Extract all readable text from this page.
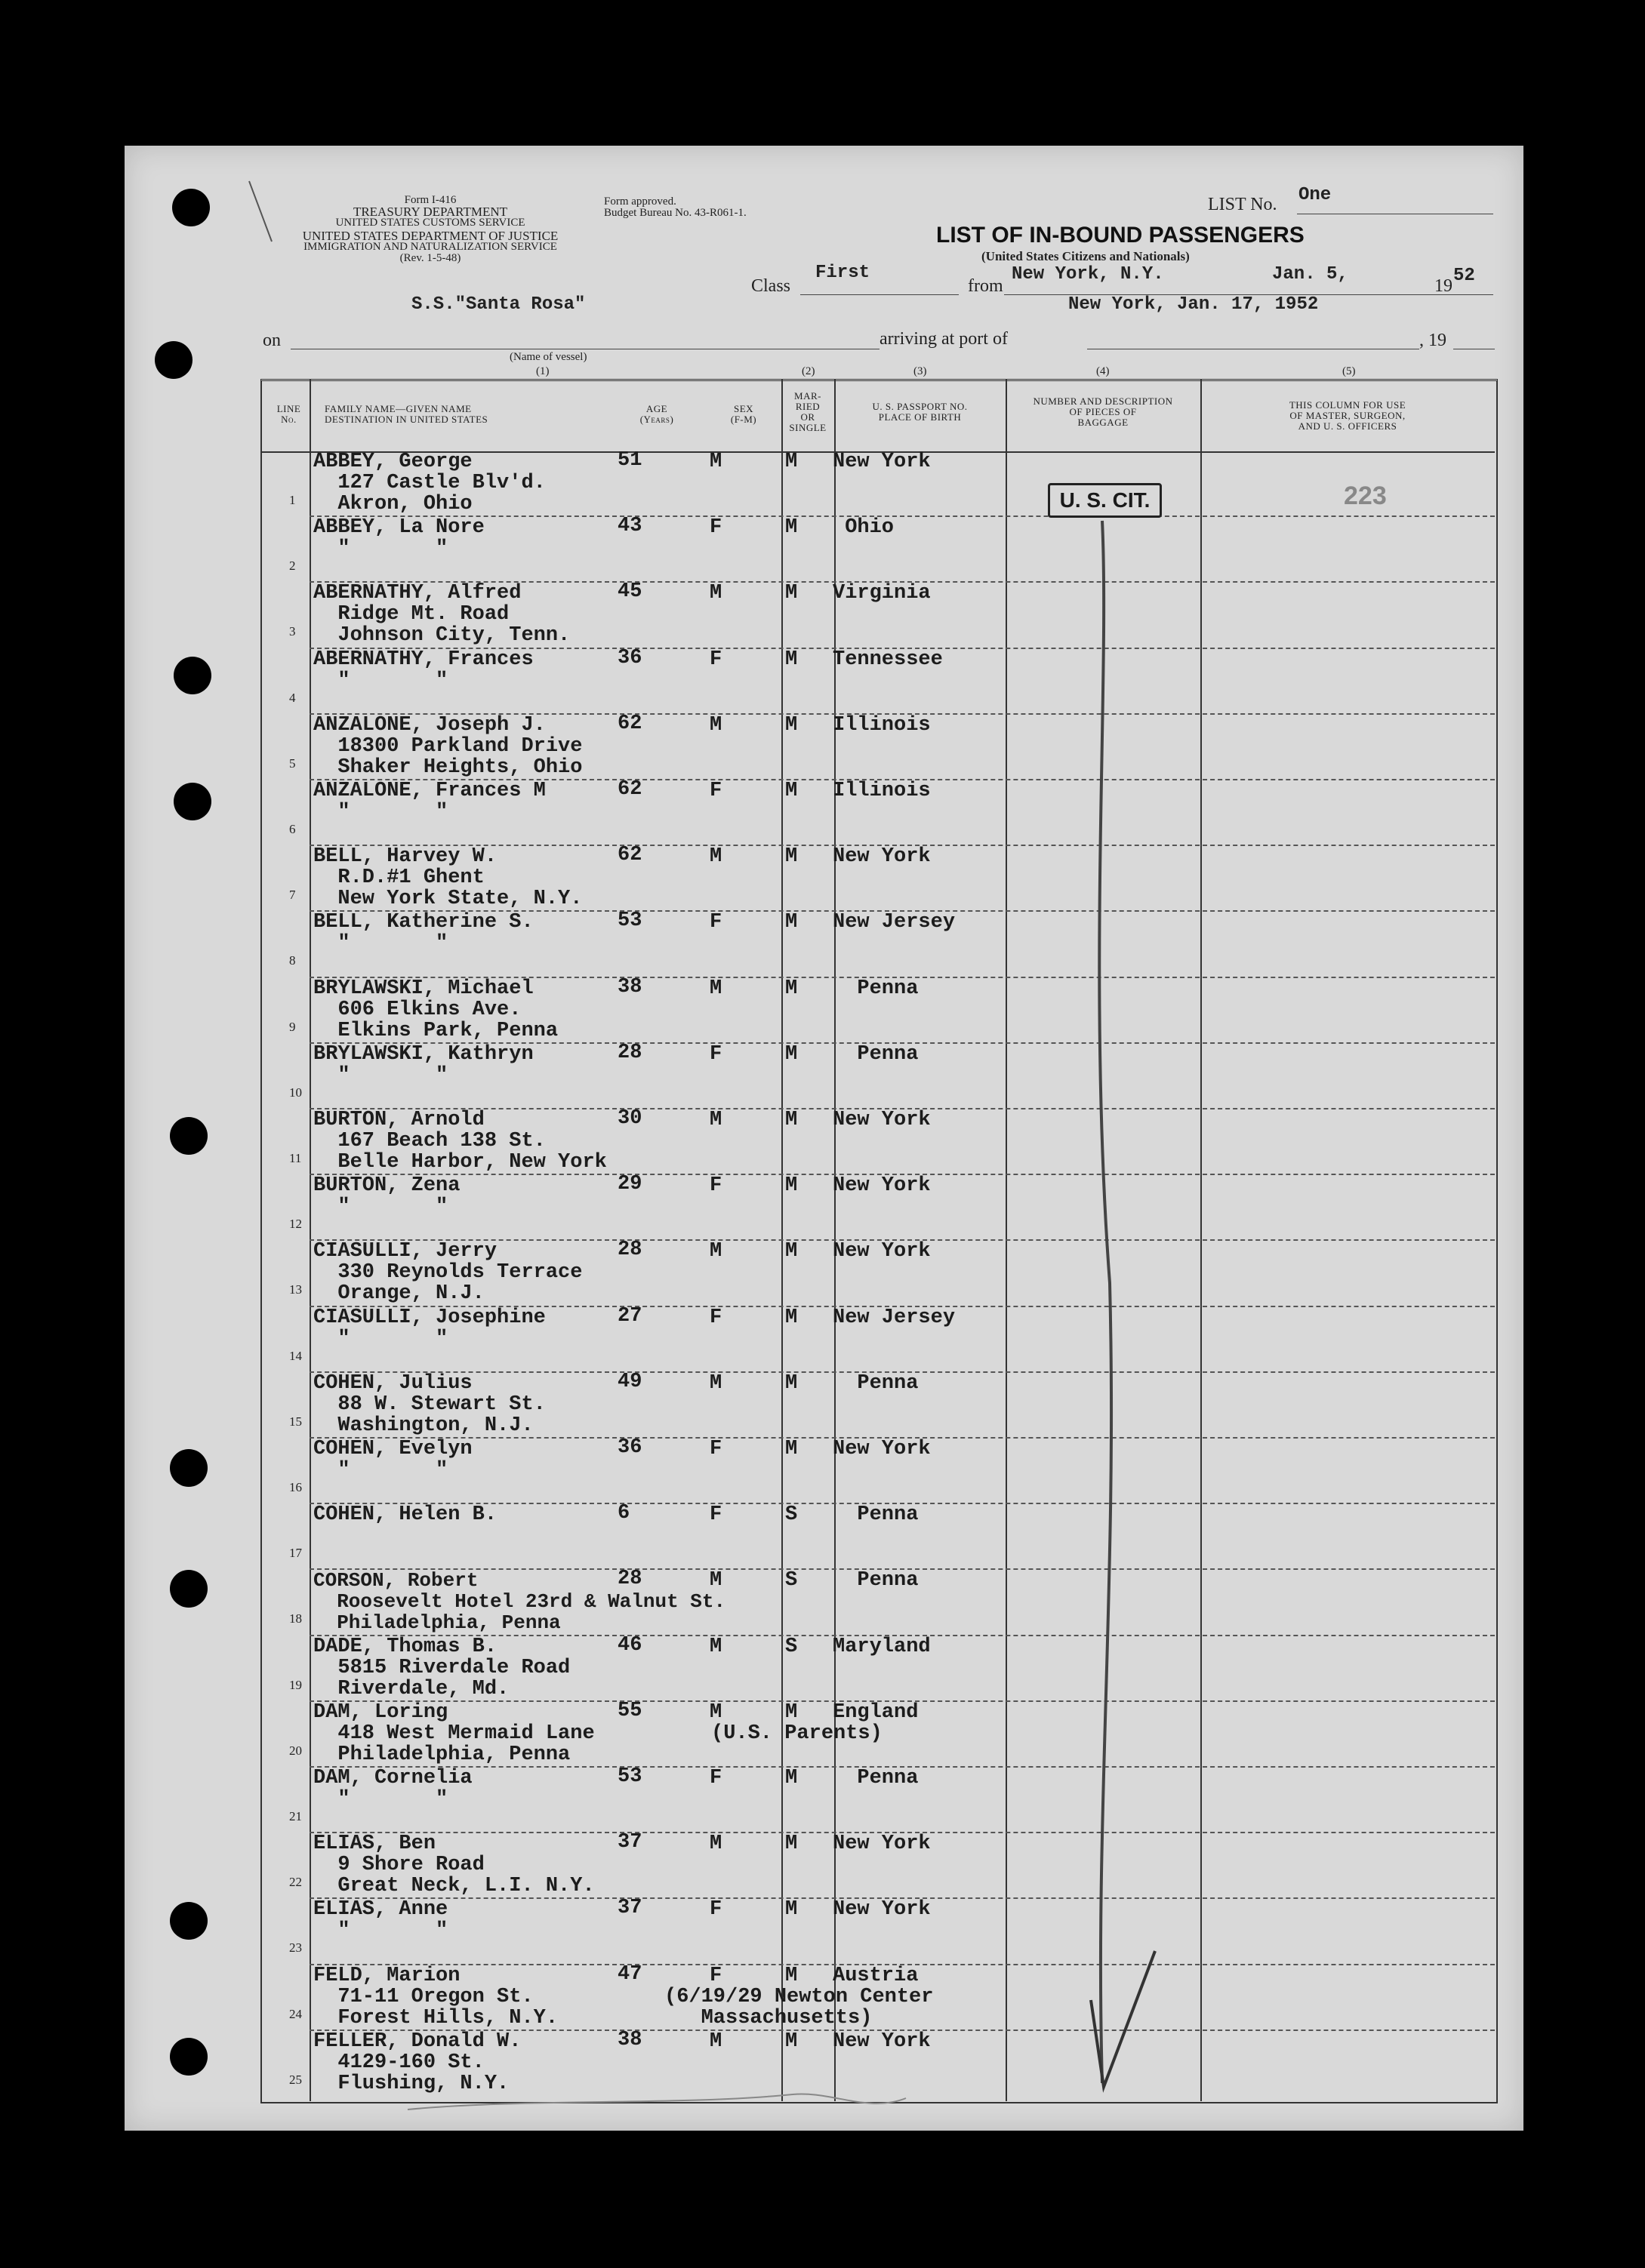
Form I-416
TREASURY DEPARTMENT
UNITED STATES CUSTOMS SERVICE
UNITED STATES DEPARTMENT OF JUSTICE
IMMIGRATION AND NATURALIZATION SERVICE
(Rev. 1-5-48)
Form approved.
Budget Bureau No. 43-R061-1.	LIST No. One
LIST OF IN-BOUND PASSENGERS
(United States Citizens and Nationals)
Class
First
from
New York, N.Y.	Jan. 5,
19 52
S.S."Santa Rosa"
on
(Name of vessel)
arriving at port of
New York, Jan. 17, 1952
, 19
(1)	(2)	(3)	(4)	(5)
LINE No.
FAMILY NAME—GIVEN NAME
DESTINATION IN UNITED STATES
AGE
(Years)
SEX
(F-M)
MAR-
RIED
OR
SINGLE
U. S. PASSPORT NO.
PLACE OF BIRTH
NUMBER AND DESCRIPTION
OF PIECES OF
BAGGAGE
THIS COLUMN FOR USE
OF MASTER, SURGEON,
AND U. S. OFFICERS
1
ABBEY, George
127 Castle Blv'd.
Akron, Ohio
51	M	M New York
2
ABBEY, La Nore
"       "
43	F	M Ohio
3
ABERNATHY, Alfred
Ridge Mt. Road
Johnson City, Tenn.
45	M	M Virginia
4
ABERNATHY, Frances
"       "
36	F	M Tennessee
5
ANZALONE, Joseph J.
18300 Parkland Drive
Shaker Heights, Ohio
62	M	M Illinois
6
ANZALONE, Frances M
"       "
62	F	M Illinois
7
BELL, Harvey W.
R.D.#1 Ghent
New York State, N.Y.
62	M	M New York
8
BELL, Katherine S.
"       "
53	F	M New Jersey
9
BRYLAWSKI, Michael
606 Elkins Ave.
Elkins Park, Penna
38	M	M Penna
10
BRYLAWSKI, Kathryn
"       "
28	F	M Penna
11
BURTON, Arnold
167 Beach 138 St.
Belle Harbor, New York
30	M	M New York
12
BURTON, Zena
"       "
29	F	M New York
13
CIASULLI, Jerry
330 Reynolds Terrace
Orange, N.J.
28	M	M New York
14
CIASULLI, Josephine
"       "
27	F	M New Jersey
15
COHEN, Julius
88 W. Stewart St.
Washington, N.J.
49	M	M Penna
16
COHEN, Evelyn
"       "
36	F	M New York
17
COHEN, Helen B.	6	F	S Penna
18
CORSON, Robert
Roosevelt Hotel 23rd & Walnut St.
Philadelphia, Penna
28	M	S Penna
19
DADE, Thomas B.
5815 Riverdale Road
Riverdale, Md.
46	M	S Maryland
20
DAM, Loring
418 West Mermaid Lane
Philadelphia, Penna
55	M	M England
(U.S. Parents)
21
DAM, Cornelia
"       "
53	F	M Penna
22
ELIAS, Ben
9 Shore Road
Great Neck, L.I. N.Y.
37	M	M New York
23
ELIAS, Anne
"       "
37	F	M New York
24
FELD, Marion
71-11 Oregon St.
Forest Hills, N.Y.
47	F	M Austria
(6/19/29 Newton Center
Massachusetts)
25
FELLER, Donald W.
4129-160 St.
Flushing, N.Y.
38	M	M New York
U. S. CIT.	223
